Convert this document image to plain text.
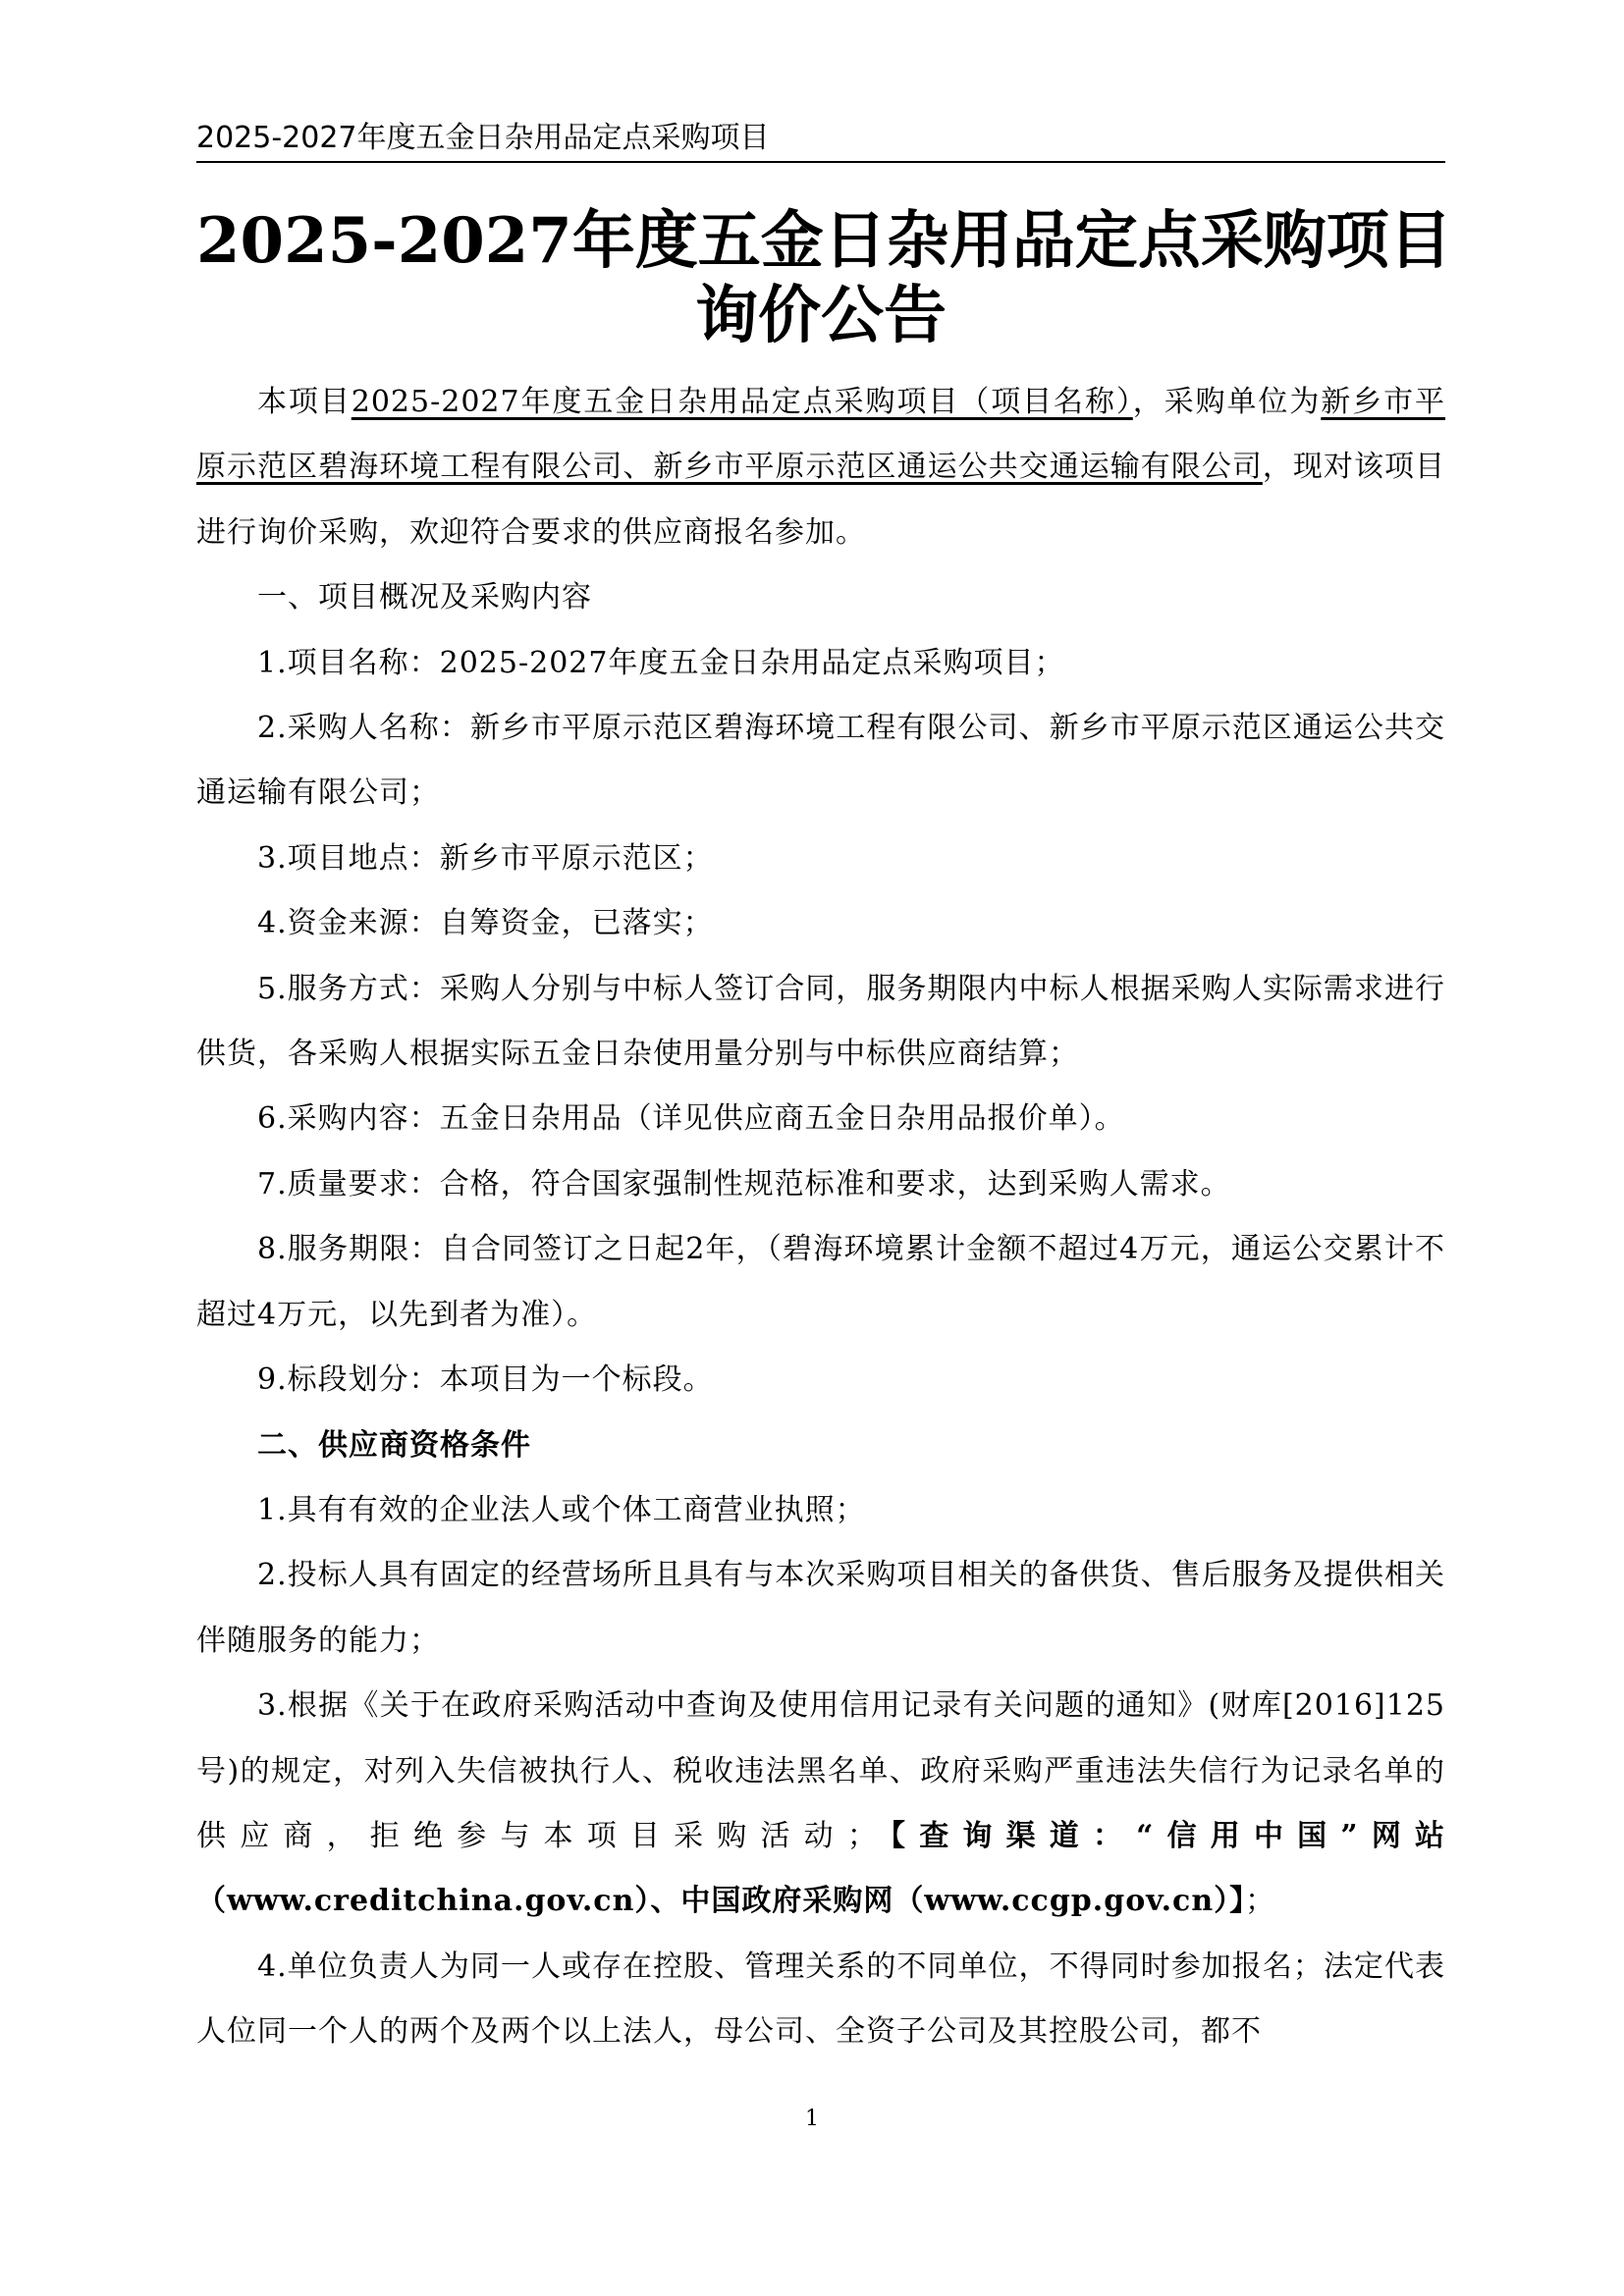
2025-2027年度五金日杂用品定点采购项目
2025-2027年度五金日杂用品定点采购项目
询价公告

本项目2025-2027年度五金日杂用品定点采购项目（项目名称），采购单位为新乡市平原示范区碧海环境工程有限公司、新乡市平原示范区通运公共交通运输有限公司，现对该项目进行询价采购，欢迎符合要求的供应商报名参加。

一、项目概况及采购内容

1.项目名称：2025-2027年度五金日杂用品定点采购项目；

2.采购人名称：新乡市平原示范区碧海环境工程有限公司、新乡市平原示范区通运公共交通运输有限公司；

3.项目地点：新乡市平原示范区；

4.资金来源：自筹资金，已落实；

5.服务方式：采购人分别与中标人签订合同，服务期限内中标人根据采购人实际需求进行供货，各采购人根据实际五金日杂使用量分别与中标供应商结算；

6.采购内容：五金日杂用品（详见供应商五金日杂用品报价单）。

7.质量要求：合格，符合国家强制性规范标准和要求，达到采购人需求。

8.服务期限：自合同签订之日起2年，（碧海环境累计金额不超过4万元，通运公交累计不超过4万元，以先到者为准）。

9.标段划分：本项目为一个标段。

二、供应商资格条件

1.具有有效的企业法人或个体工商营业执照；

2.投标人具有固定的经营场所且具有与本次采购项目相关的备供货、售后服务及提供相关伴随服务的能力；

3.根据《关于在政府采购活动中查询及使用信用记录有关问题的通知》(财库[2016]125号)的规定，对列入失信被执行人、税收违法黑名单、政府采购严重违法失信行为记录名单的供应商，拒绝参与本项目采购活动；【查询渠道：“信用中国”网站（www.creditchina.gov.cn）、中国政府采购网（www.ccgp.gov.cn）】；

4.单位负责人为同一人或存在控股、管理关系的不同单位，不得同时参加报名；法定代表人位同一个人的两个及两个以上法人，母公司、全资子公司及其控股公司，都不

1
